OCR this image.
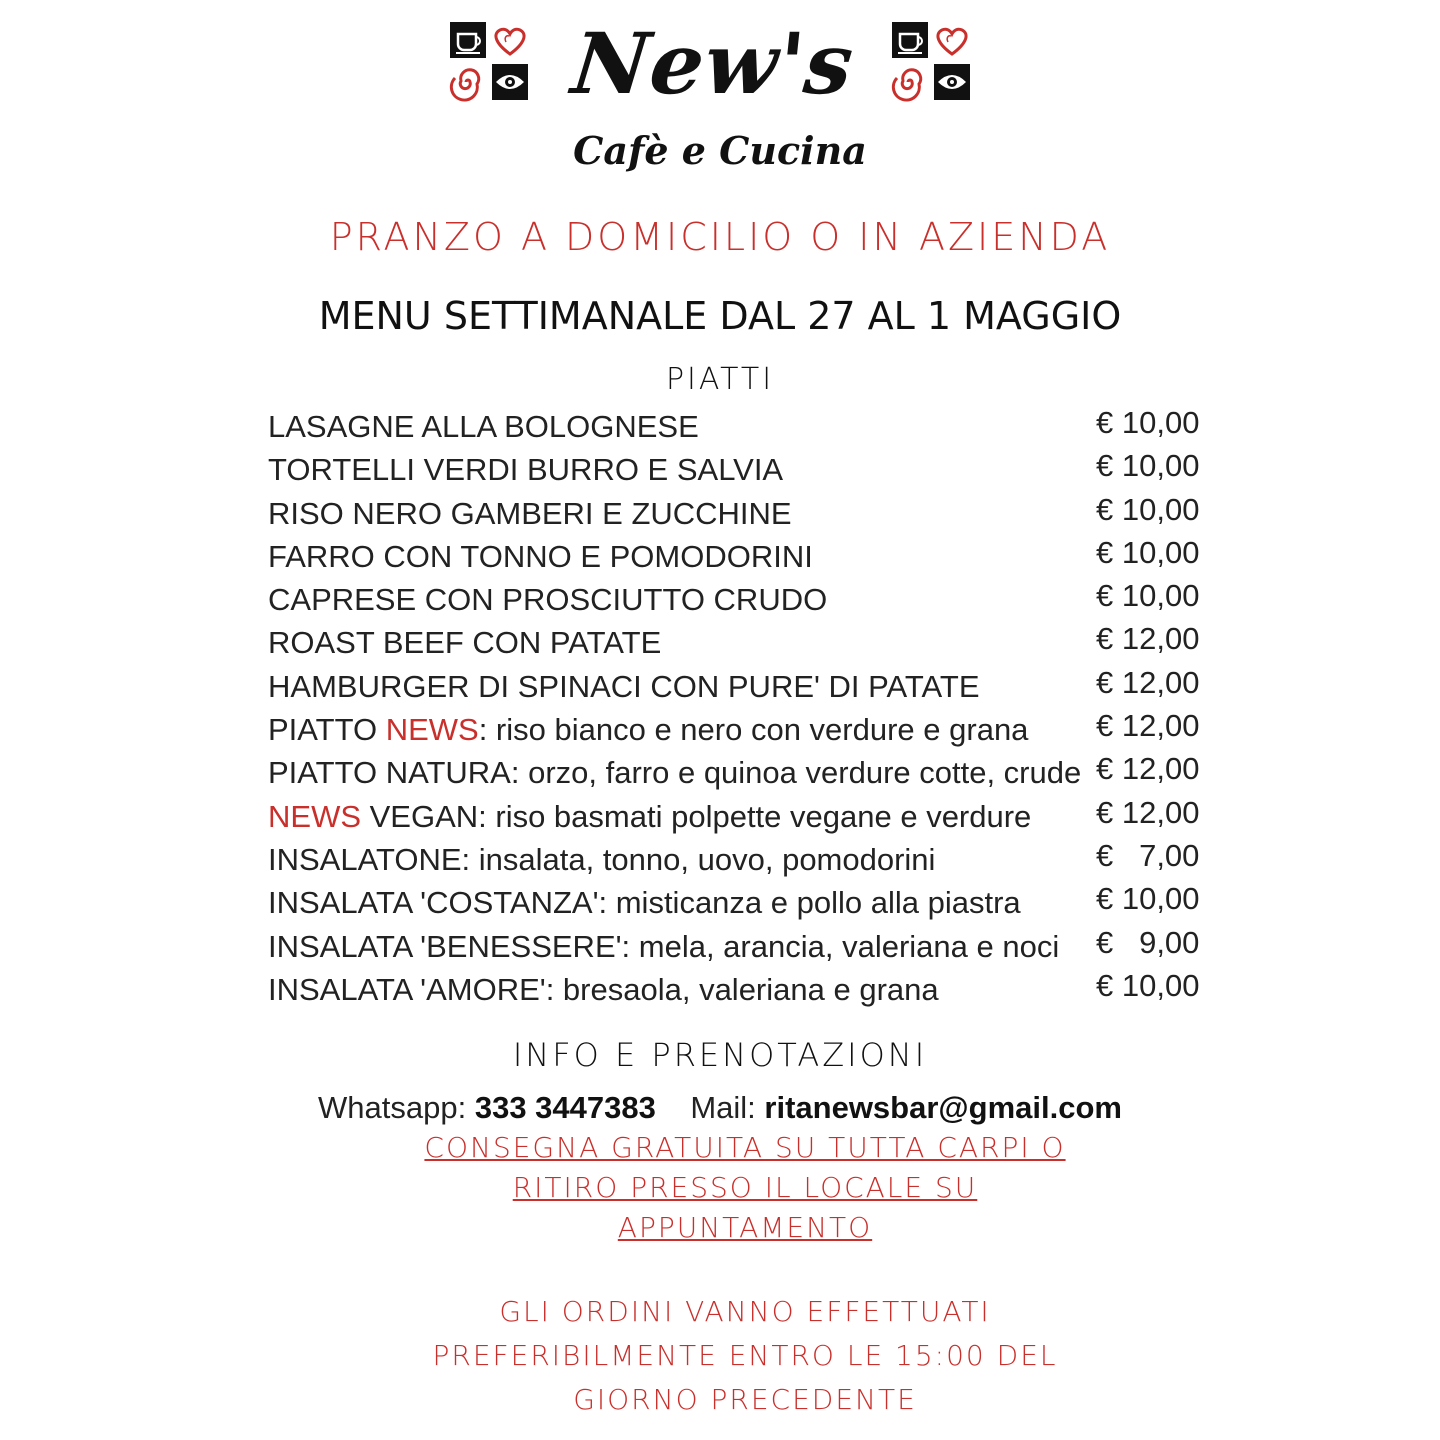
New's
Cafè e Cucina
PRANZO A DOMICILIO O IN AZIENDA
MENU SETTIMANALE DAL 27 AL 1 MAGGIO
PIATTI
LASAGNE ALLA BOLOGNESE	€ 10,00
TORTELLI VERDI BURRO E SALVIA	€ 10,00
RISO NERO GAMBERI E ZUCCHINE	€ 10,00
FARRO CON TONNO E POMODORINI	€ 10,00
CAPRESE CON PROSCIUTTO CRUDO	€ 10,00
ROAST BEEF CON PATATE	€ 12,00
HAMBURGER DI SPINACI CON PURE' DI PATATE	€ 12,00
PIATTO NEWS: riso bianco e nero con verdure e grana € 12,00
PIATTO NATURA: orzo, farro e quinoa verdure cotte, crude € 12,00
NEWS VEGAN: riso basmati polpette vegane e verdure € 12,00
INSALATONE: insalata, tonno, uovo, pomodorini	€   7,00
INSALATA 'COSTANZA': misticanza e pollo alla piastra € 10,00
INSALATA 'BENESSERE': mela, arancia, valeriana e noci €   9,00
INSALATA 'AMORE': bresaola, valeriana e grana	€ 10,00
INFO E PRENOTAZIONI
Whatsapp: 333 3447383 Mail: ritanewsbar@gmail.com
CONSEGNA GRATUITA SU TUTTA CARPI O
RITIRO PRESSO IL LOCALE SU
APPUNTAMENTO
GLI ORDINI VANNO EFFETTUATI
PREFERIBILMENTE ENTRO LE 15:00 DEL
GIORNO PRECEDENTE
